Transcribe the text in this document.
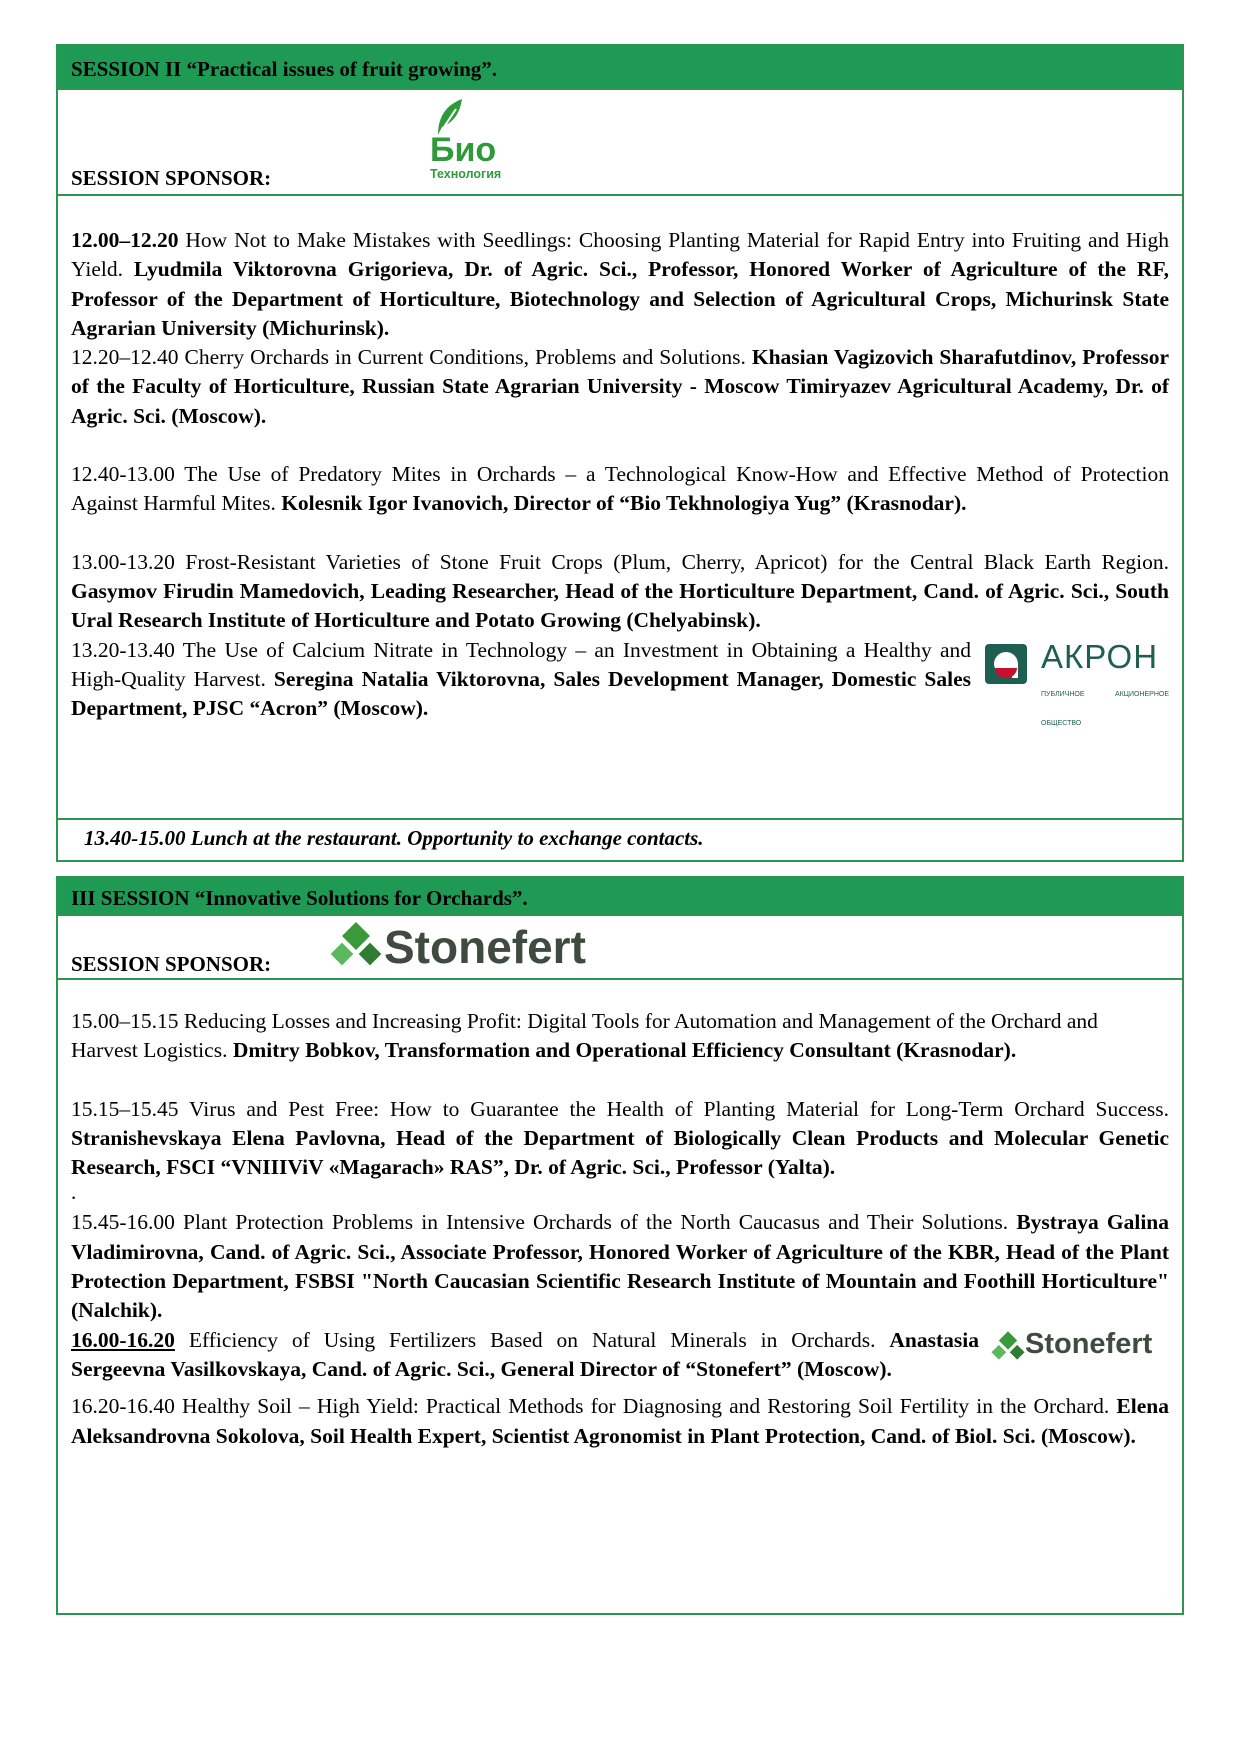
SESSION II “Practical issues of fruit growing”.
SESSION SPONSOR:
Био
Технология

12.00–12.20 How Not to Make Mistakes with Seedlings: Choosing Planting Material for Rapid Entry into Fruiting and High Yield. Lyudmila Viktorovna Grigorieva, Dr. of Agric. Sci., Professor, Honored Worker of Agriculture of the RF, Professor of the Department of Horticulture, Biotechnology and Selection of Agricultural Crops, Michurinsk State Agrarian University (Michurinsk).

12.20–12.40 Cherry Orchards in Current Conditions, Problems and Solutions. Khasian Vagizovich Sharafutdinov, Professor of the Faculty of Horticulture, Russian State Agrarian University - Moscow Timiryazev Agricultural Academy, Dr. of Agric. Sci. (Moscow).

12.40-13.00 The Use of Predatory Mites in Orchards – a Technological Know-How and Effective Method of Protection Against Harmful Mites. Kolesnik Igor Ivanovich, Director of “Bio Tekhnologiya Yug” (Krasnodar).

13.00-13.20 Frost-Resistant Varieties of Stone Fruit Crops (Plum, Cherry, Apricot) for the Central Black Earth Region. Gasymov Firudin Mamedovich, Leading Researcher, Head of the Horticulture Department, Cand. of Agric. Sci., South Ural Research Institute of Horticulture and Potato Growing (Chelyabinsk).

АКРОН
ПУБЛИЧНОЕ АКЦИОНЕРНОЕ ОБЩЕСТВО

13.20-13.40 The Use of Calcium Nitrate in Technology – an Investment in Obtaining a Healthy and High-Quality Harvest. Seregina Natalia Viktorovna, Sales Development Manager, Domestic Sales Department, PJSC “Acron” (Moscow).

13.40-15.00 Lunch at the restaurant. Opportunity to exchange contacts.
III SESSION “Innovative Solutions for Orchards”.
SESSION SPONSOR: Stonefert

15.00–15.15 Reducing Losses and Increasing Profit: Digital Tools for Automation and Management of the Orchard and Harvest Logistics. Dmitry Bobkov, Transformation and Operational Efficiency Consultant (Krasnodar).

15.15–15.45 Virus and Pest Free: How to Guarantee the Health of Planting Material for Long-Term Orchard Success. Stranishevskaya Elena Pavlovna, Head of the Department of Biologically Clean Products and Molecular Genetic Research, FSCI “VNIIIViV «Magarach» RAS”, Dr. of Agric. Sci., Professor (Yalta).

.

15.45-16.00 Plant Protection Problems in Intensive Orchards of the North Caucasus and Their Solutions. Bystraya Galina Vladimirovna, Cand. of Agric. Sci., Associate Professor, Honored Worker of Agriculture of the KBR, Head of the Plant Protection Department, FSBSI "North Caucasian Scientific Research Institute of Mountain and Foothill Horticulture" (Nalchik).

Stonefert

16.00-16.20 Efficiency of Using Fertilizers Based on Natural Minerals in Orchards. Anastasia Sergeevna Vasilkovskaya, Cand. of Agric. Sci., General Director of “Stonefert” (Moscow).

16.20-16.40 Healthy Soil – High Yield: Practical Methods for Diagnosing and Restoring Soil Fertility in the Orchard. Elena Aleksandrovna Sokolova, Soil Health Expert, Scientist Agronomist in Plant Protection, Cand. of Biol. Sci. (Moscow).
